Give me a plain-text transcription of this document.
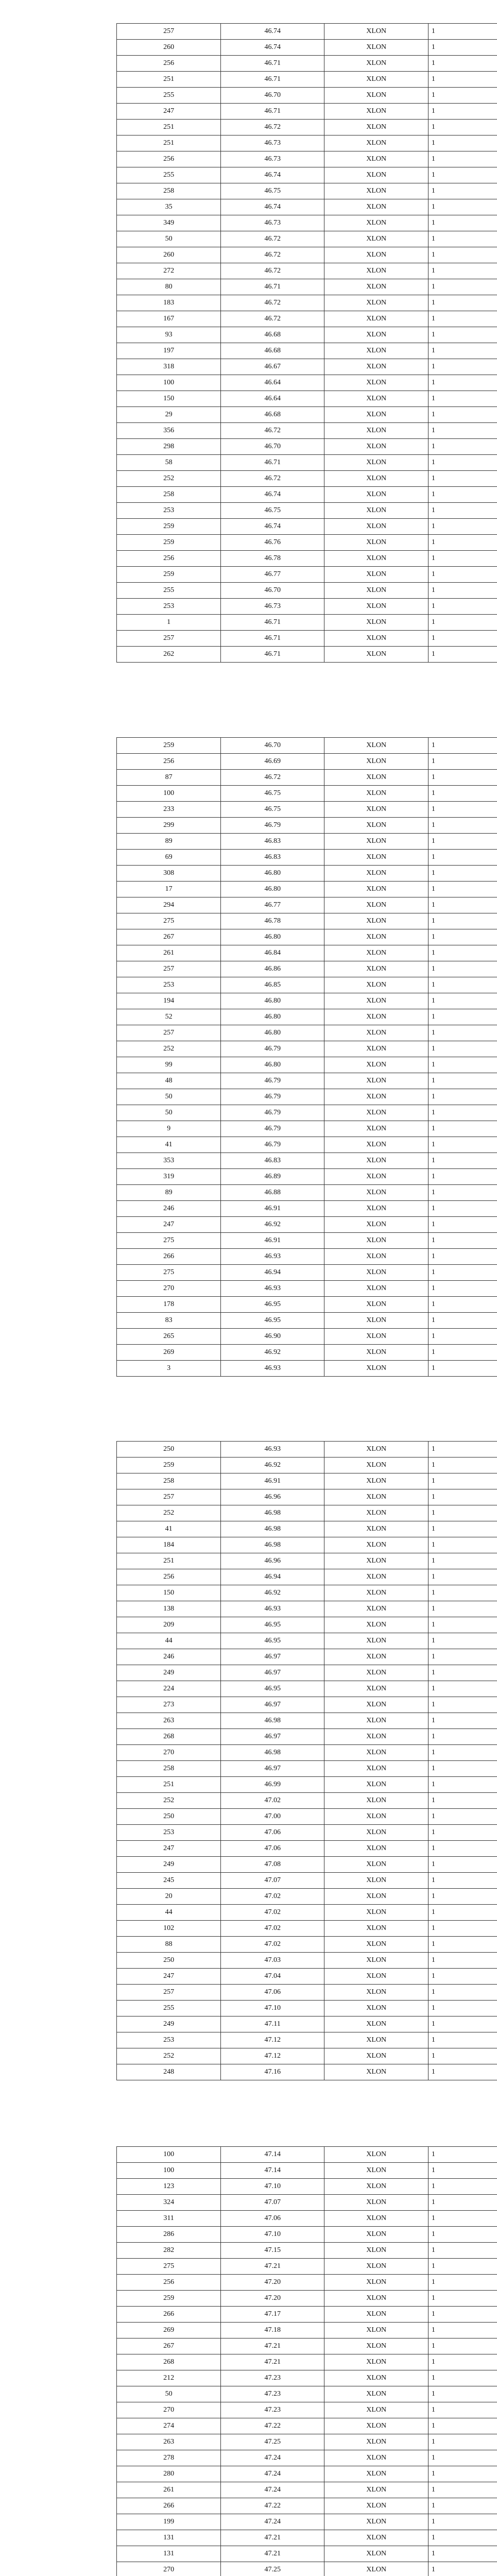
257	46.74	XLON	1
260	46.74	XLON	1
256	46.71	XLON	1
251	46.71	XLON	1
255	46.70	XLON	1
247	46.71	XLON	1
251	46.72	XLON	1
251	46.73	XLON	1
256	46.73	XLON	1
255	46.74	XLON	1
258	46.75	XLON	1
35	46.74	XLON	1
349	46.73	XLON	1
50	46.72	XLON	1
260	46.72	XLON	1
272	46.72	XLON	1
80	46.71	XLON	1
183	46.72	XLON	1
167	46.72	XLON	1
93	46.68	XLON	1
197	46.68	XLON	1
318	46.67	XLON	1
100	46.64	XLON	1
150	46.64	XLON	1
29	46.68	XLON	1
356	46.72	XLON	1
298	46.70	XLON	1
58	46.71	XLON	1
252	46.72	XLON	1
258	46.74	XLON	1
253	46.75	XLON	1
259	46.74	XLON	1
259	46.76	XLON	1
256	46.78	XLON	1
259	46.77	XLON	1
255	46.70	XLON	1
253	46.73	XLON	1
1	46.71	XLON	1
257	46.71	XLON	1
262	46.71	XLON	1
259	46.70	XLON	1
256	46.69	XLON	1
87	46.72	XLON	1
100	46.75	XLON	1
233	46.75	XLON	1
299	46.79	XLON	1
89	46.83	XLON	1
69	46.83	XLON	1
308	46.80	XLON	1
17	46.80	XLON	1
294	46.77	XLON	1
275	46.78	XLON	1
267	46.80	XLON	1
261	46.84	XLON	1
257	46.86	XLON	1
253	46.85	XLON	1
194	46.80	XLON	1
52	46.80	XLON	1
257	46.80	XLON	1
252	46.79	XLON	1
99	46.80	XLON	1
48	46.79	XLON	1
50	46.79	XLON	1
50	46.79	XLON	1
9	46.79	XLON	1
41	46.79	XLON	1
353	46.83	XLON	1
319	46.89	XLON	1
89	46.88	XLON	1
246	46.91	XLON	1
247	46.92	XLON	1
275	46.91	XLON	1
266	46.93	XLON	1
275	46.94	XLON	1
270	46.93	XLON	1
178	46.95	XLON	1
83	46.95	XLON	1
265	46.90	XLON	1
269	46.92	XLON	1
3	46.93	XLON	1
250	46.93	XLON	1
259	46.92	XLON	1
258	46.91	XLON	1
257	46.96	XLON	1
252	46.98	XLON	1
41	46.98	XLON	1
184	46.98	XLON	1
251	46.96	XLON	1
256	46.94	XLON	1
150	46.92	XLON	1
138	46.93	XLON	1
209	46.95	XLON	1
44	46.95	XLON	1
246	46.97	XLON	1
249	46.97	XLON	1
224	46.95	XLON	1
273	46.97	XLON	1
263	46.98	XLON	1
268	46.97	XLON	1
270	46.98	XLON	1
258	46.97	XLON	1
251	46.99	XLON	1
252	47.02	XLON	1
250	47.00	XLON	1
253	47.06	XLON	1
247	47.06	XLON	1
249	47.08	XLON	1
245	47.07	XLON	1
20	47.02	XLON	1
44	47.02	XLON	1
102	47.02	XLON	1
88	47.02	XLON	1
250	47.03	XLON	1
247	47.04	XLON	1
257	47.06	XLON	1
255	47.10	XLON	1
249	47.11	XLON	1
253	47.12	XLON	1
252	47.12	XLON	1
248	47.16	XLON	1
100	47.14	XLON	1
100	47.14	XLON	1
123	47.10	XLON	1
324	47.07	XLON	1
311	47.06	XLON	1
286	47.10	XLON	1
282	47.15	XLON	1
275	47.21	XLON	1
256	47.20	XLON	1
259	47.20	XLON	1
266	47.17	XLON	1
269	47.18	XLON	1
267	47.21	XLON	1
268	47.21	XLON	1
212	47.23	XLON	1
50	47.23	XLON	1
270	47.23	XLON	1
274	47.22	XLON	1
263	47.25	XLON	1
278	47.24	XLON	1
280	47.24	XLON	1
261	47.24	XLON	1
266	47.22	XLON	1
199	47.24	XLON	1
131	47.21	XLON	1
131	47.21	XLON	1
270	47.25	XLON	1
